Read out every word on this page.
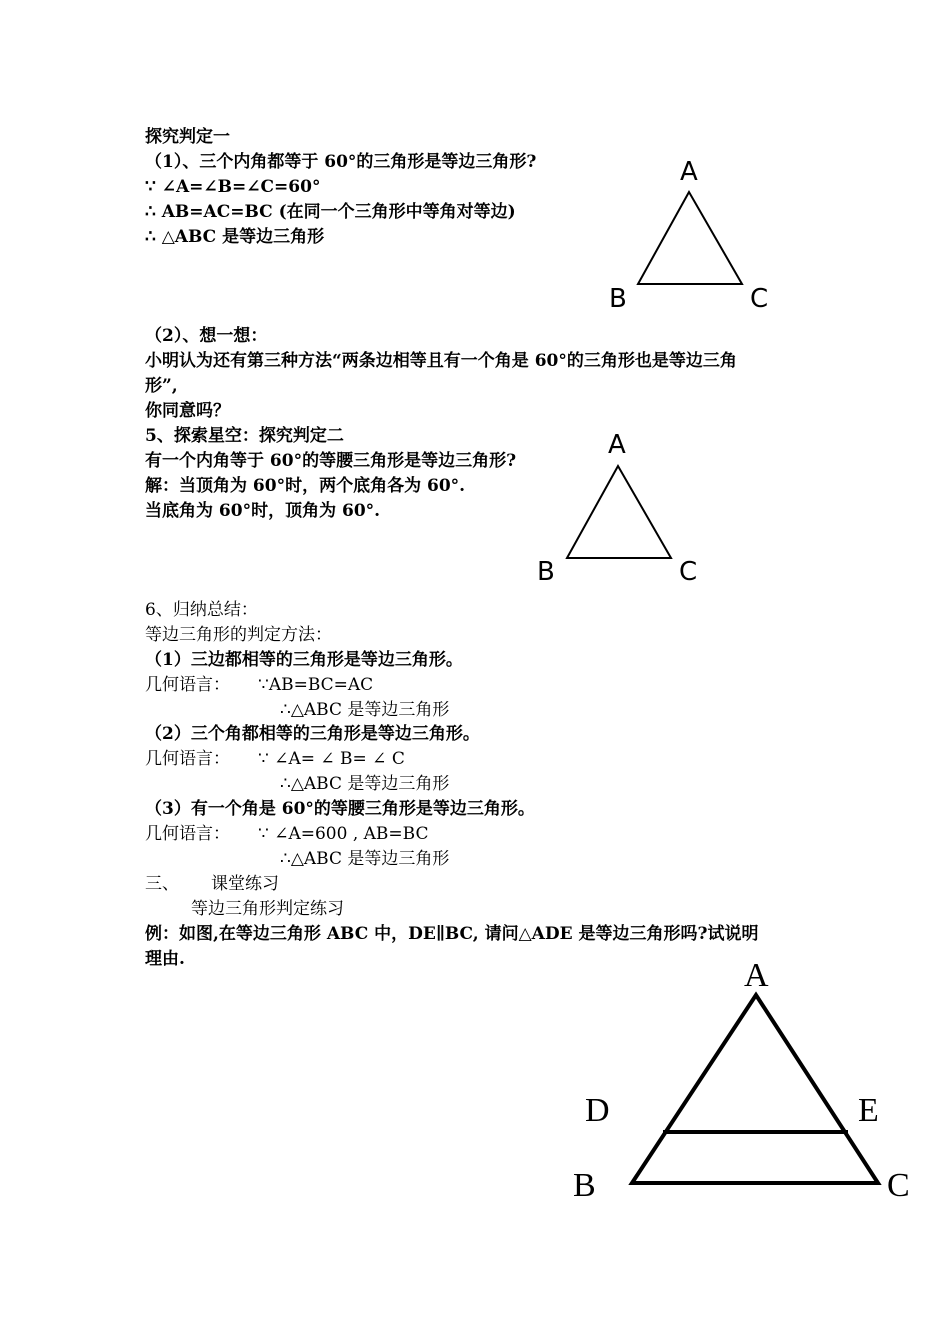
探究判定一
（1）、三个内角都等于 60°的三角形是等边三角形?
∵ ∠A=∠B=∠C=60°
∴ AB=AC=BC (在同一个三角形中等角对等边)
∴ △ABC 是等边三角形
A
B	C
（2）、想一想：
小明认为还有第三种方法“两条边相等且有一个角是 60°的三角形也是等边三角
形”,
你同意吗？
5、探索星空：探究判定二
有一个内角等于 60°的等腰三角形是等边三角形?
解：当顶角为 60°时，两个底角各为 60°.
当底角为 60°时，顶角为 60°.
A
B	C
6、归纳总结：
等边三角形的判定方法：
（1）三边都相等的三角形是等边三角形。
几何语言： ∵AB=BC=AC
∴△ABC 是等边三角形
（2）三个角都相等的三角形是等边三角形。
几何语言： ∵ ∠A= ∠ B= ∠ C
∴△ABC 是等边三角形
（3）有一个角是 60°的等腰三角形是等边三角形。
几何语言： ∵ ∠A=600 , AB=BC
∴△ABC 是等边三角形
三、 课堂练习
等边三角形判定练习
例：如图,在等边三角形 ABC 中，DE∥BC, 请问△ADE 是等边三角形吗?试说明
理由.	A
D	E
B	C
